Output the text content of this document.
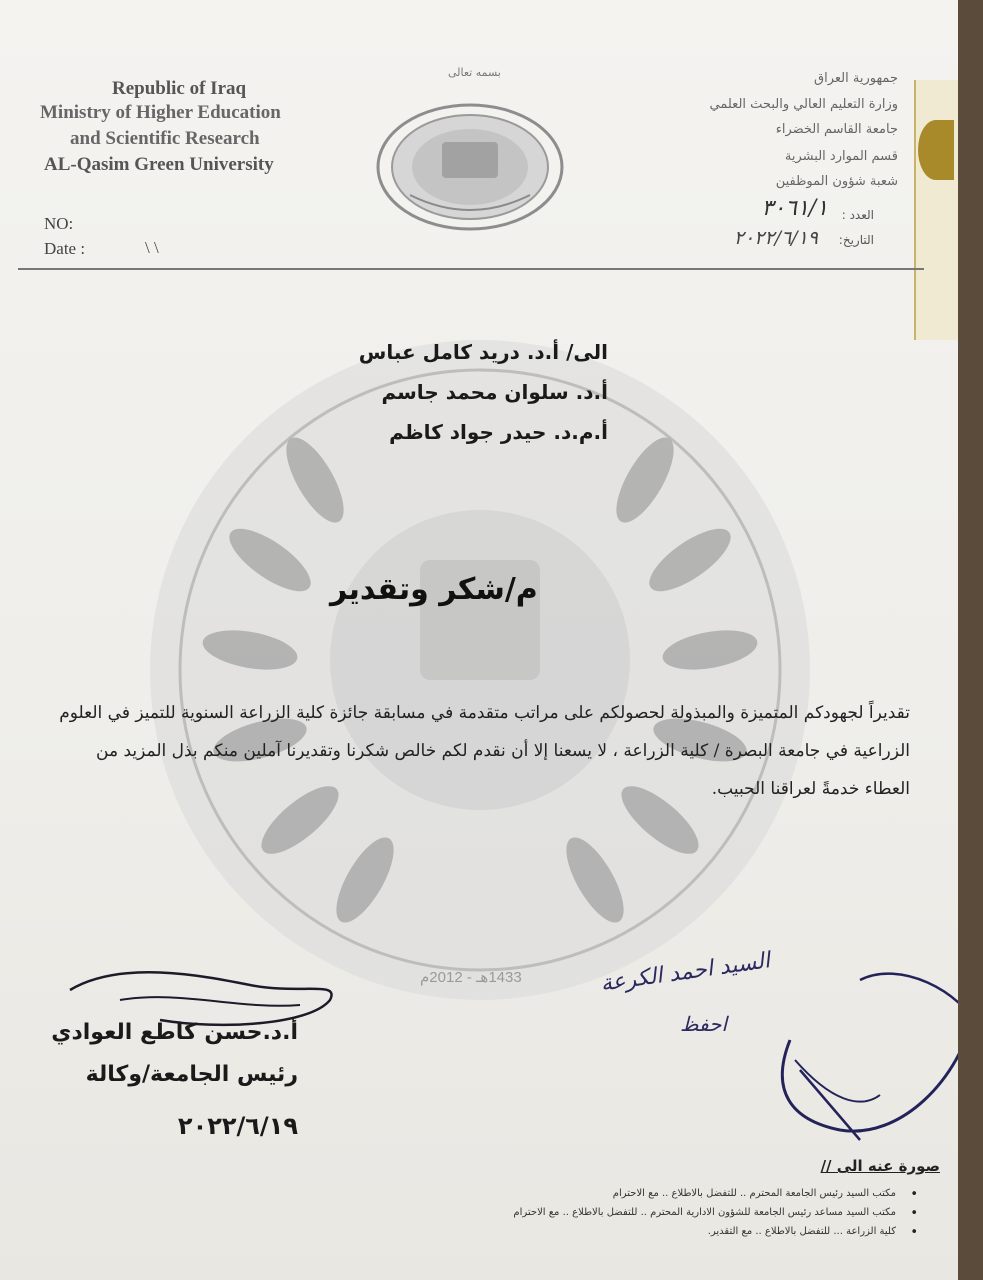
Republic of Iraq
Ministry of Higher Education
and Scientific Research
AL-Qasim Green University
NO:
Date :	\ \
بسمه تعالى	جمهورية العراق
وزارة التعليم العالي والبحث العلمي
جامعة القاسم الخضراء
قسم الموارد البشرية
شعبة شؤون الموظفين
العدد :
٣٠٦١/١
التاريخ:
٢٠٢٢/٦/١٩
الى/ أ.د. دريد كامل عباس
أ.د. سلوان محمد جاسم
أ.م.د. حيدر جواد كاظم
م/شكر وتقدير
تقديراً لجهودكم المتميزة والمبذولة لحصولكم على مراتب متقدمة في مسابقة جائزة كلية الزراعة السنوية للتميز في العلوم الزراعية في جامعة البصرة / كلية الزراعة ، لا يسعنا إلا أن نقدم لكم خالص شكرنا وتقديرنا آملين منكم بذل المزيد من العطاء خدمةً لعراقنا الحبيب.
1433هـ - 2012م	السيد احمد الكرعة
احفظ
أ.د.حسن كاطع العوادي
رئيس الجامعة/وكالة
٢٠٢٢/٦/١٩
صورة عنه الى //
• مكتب السيد رئيس الجامعة المحترم .. للتفضل بالاطلاع .. مع الاحترام
• مكتب السيد مساعد رئيس الجامعة للشؤون الادارية المحترم .. للتفضل بالاطلاع .. مع الاحترام
• كلية الزراعة ... للتفضل بالاطلاع .. مع التقدير.
